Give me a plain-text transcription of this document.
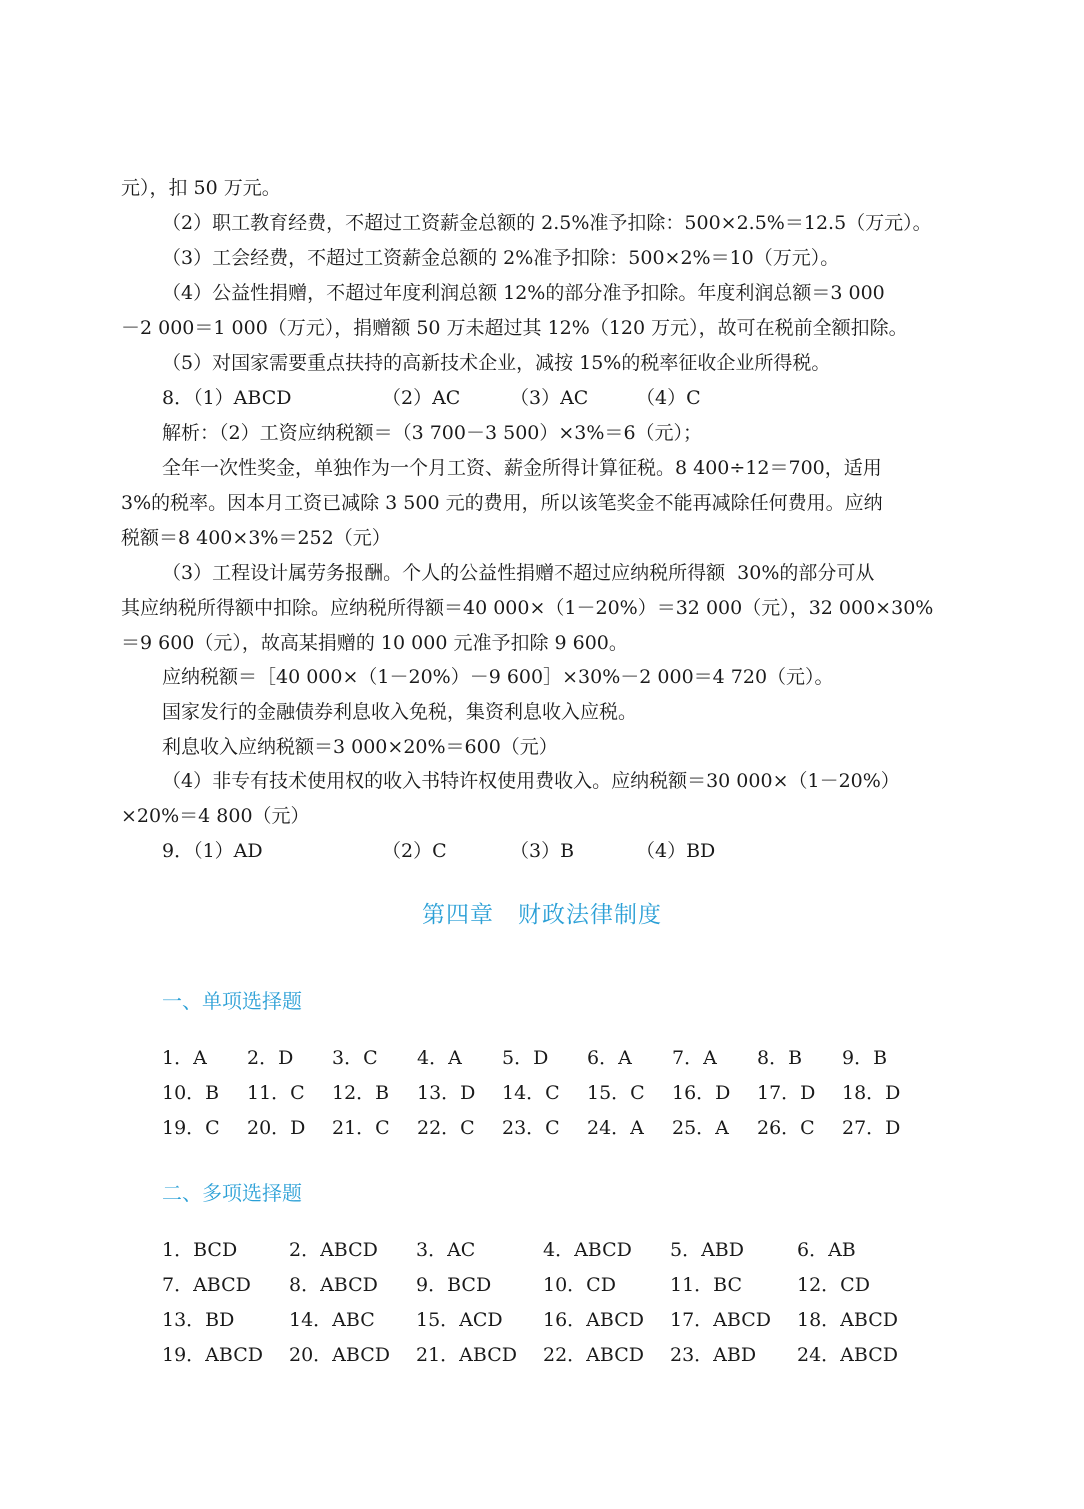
元），扣 50 万元。
（2）职工教育经费，不超过工资薪金总额的 2.5%准予扣除：500×2.5%＝12.5（万元）。
（3）工会经费，不超过工资薪金总额的 2%准予扣除：500×2%＝10（万元）。
（4）公益性捐赠，不超过年度利润总额 12%的部分准予扣除。年度利润总额＝3 000
－2 000＝1 000（万元），捐赠额 50 万未超过其 12%（120 万元），故可在税前全额扣除。
（5）对国家需要重点扶持的高新技术企业，减按 15%的税率征收企业所得税。
8．（1）ABCD	（2）AC	（3）AC	（4）C
解析：（2）工资应纳税额＝（3 700－3 500）×3%＝6（元）；
全年一次性奖金，单独作为一个月工资、薪金所得计算征税。8 400÷12＝700，适用
3%的税率。因本月工资已减除 3 500 元的费用，所以该笔奖金不能再减除任何费用。应纳
税额＝8 400×3%＝252（元）
（3）工程设计属劳务报酬。个人的公益性捐赠不超过应纳税所得额  30%的部分可从
其应纳税所得额中扣除。应纳税所得额＝40 000×（1－20%）＝32 000（元），32 000×30%
＝9 600（元），故高某捐赠的 10 000 元准予扣除 9 600。
应纳税额＝［40 000×（1－20%）－9 600］×30%－2 000＝4 720（元）。
国家发行的金融债券利息收入免税，集资利息收入应税。
利息收入应纳税额＝3 000×20%＝600（元）
（4）非专有技术使用权的收入书特许权使用费收入。应纳税额＝30 000×（1－20%）
×20%＝4 800（元）
9．（1）AD	（2）C	（3）B	（4）BD
第四章　财政法律制度
一、单项选择题
1．A 2．D 3．C 4．A 5．D 6．A 7．A 8．B 9．B
10．B 11．C 12．B 13．D 14．C 15．C 16．D 17．D 18．D
19．C 20．D 21．C 22．C 23．C 24．A 25．A 26．C 27．D
二、多项选择题
1．BCD	2．ABCD 3．AC	4．ABCD 5．ABD	6．AB
7．ABCD 8．ABCD 9．BCD	10．CD	11．BC	12．CD
13．BD	14．ABC 15．ACD 16．ABCD 17．ABCD 18．ABCD
19．ABCD 20．ABCD 21．ABCD 22．ABCD 23．ABD 24．ABCD
